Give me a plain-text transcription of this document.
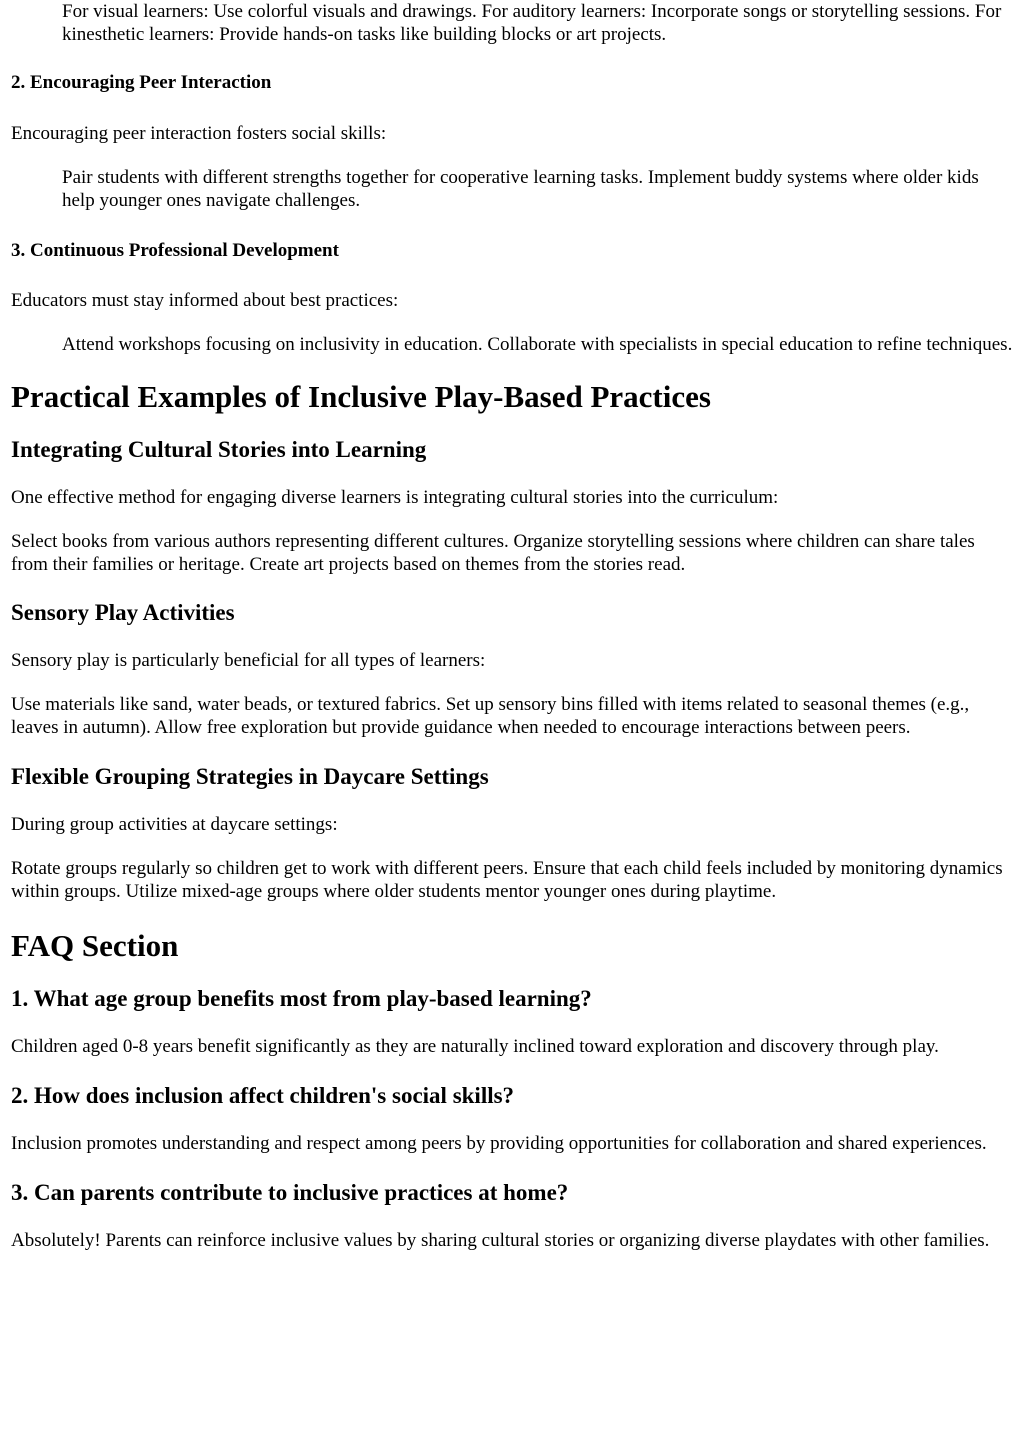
For visual learners: Use colorful visuals and drawings. For auditory learners: Incorporate songs or storytelling sessions. For kinesthetic learners: Provide hands-on tasks like building blocks or art projects.

2. Encouraging Peer Interaction

Encouraging peer interaction fosters social skills:

Pair students with different strengths together for cooperative learning tasks. Implement buddy systems where older kids help younger ones navigate challenges.

3. Continuous Professional Development

Educators must stay informed about best practices:

Attend workshops focusing on inclusivity in education. Collaborate with specialists in special education to refine techniques.

Practical Examples of Inclusive Play-Based Practices
Integrating Cultural Stories into Learning

One effective method for engaging diverse learners is integrating cultural stories into the curriculum:

Select books from various authors representing different cultures. Organize storytelling sessions where children can share tales from their families or heritage. Create art projects based on themes from the stories read.

Sensory Play Activities

Sensory play is particularly beneficial for all types of learners:

Use materials like sand, water beads, or textured fabrics. Set up sensory bins filled with items related to seasonal themes (e.g., leaves in autumn). Allow free exploration but provide guidance when needed to encourage interactions between peers.

Flexible Grouping Strategies in Daycare Settings

During group activities at daycare settings:

Rotate groups regularly so children get to work with different peers. Ensure that each child feels included by monitoring dynamics within groups. Utilize mixed-age groups where older students mentor younger ones during playtime.

FAQ Section
1. What age group benefits most from play-based learning?

Children aged 0-8 years benefit significantly as they are naturally inclined toward exploration and discovery through play.

2. How does inclusion affect children's social skills?

Inclusion promotes understanding and respect among peers by providing opportunities for collaboration and shared experiences.

3. Can parents contribute to inclusive practices at home?

Absolutely! Parents can reinforce inclusive values by sharing cultural stories or organizing diverse playdates with other families.
